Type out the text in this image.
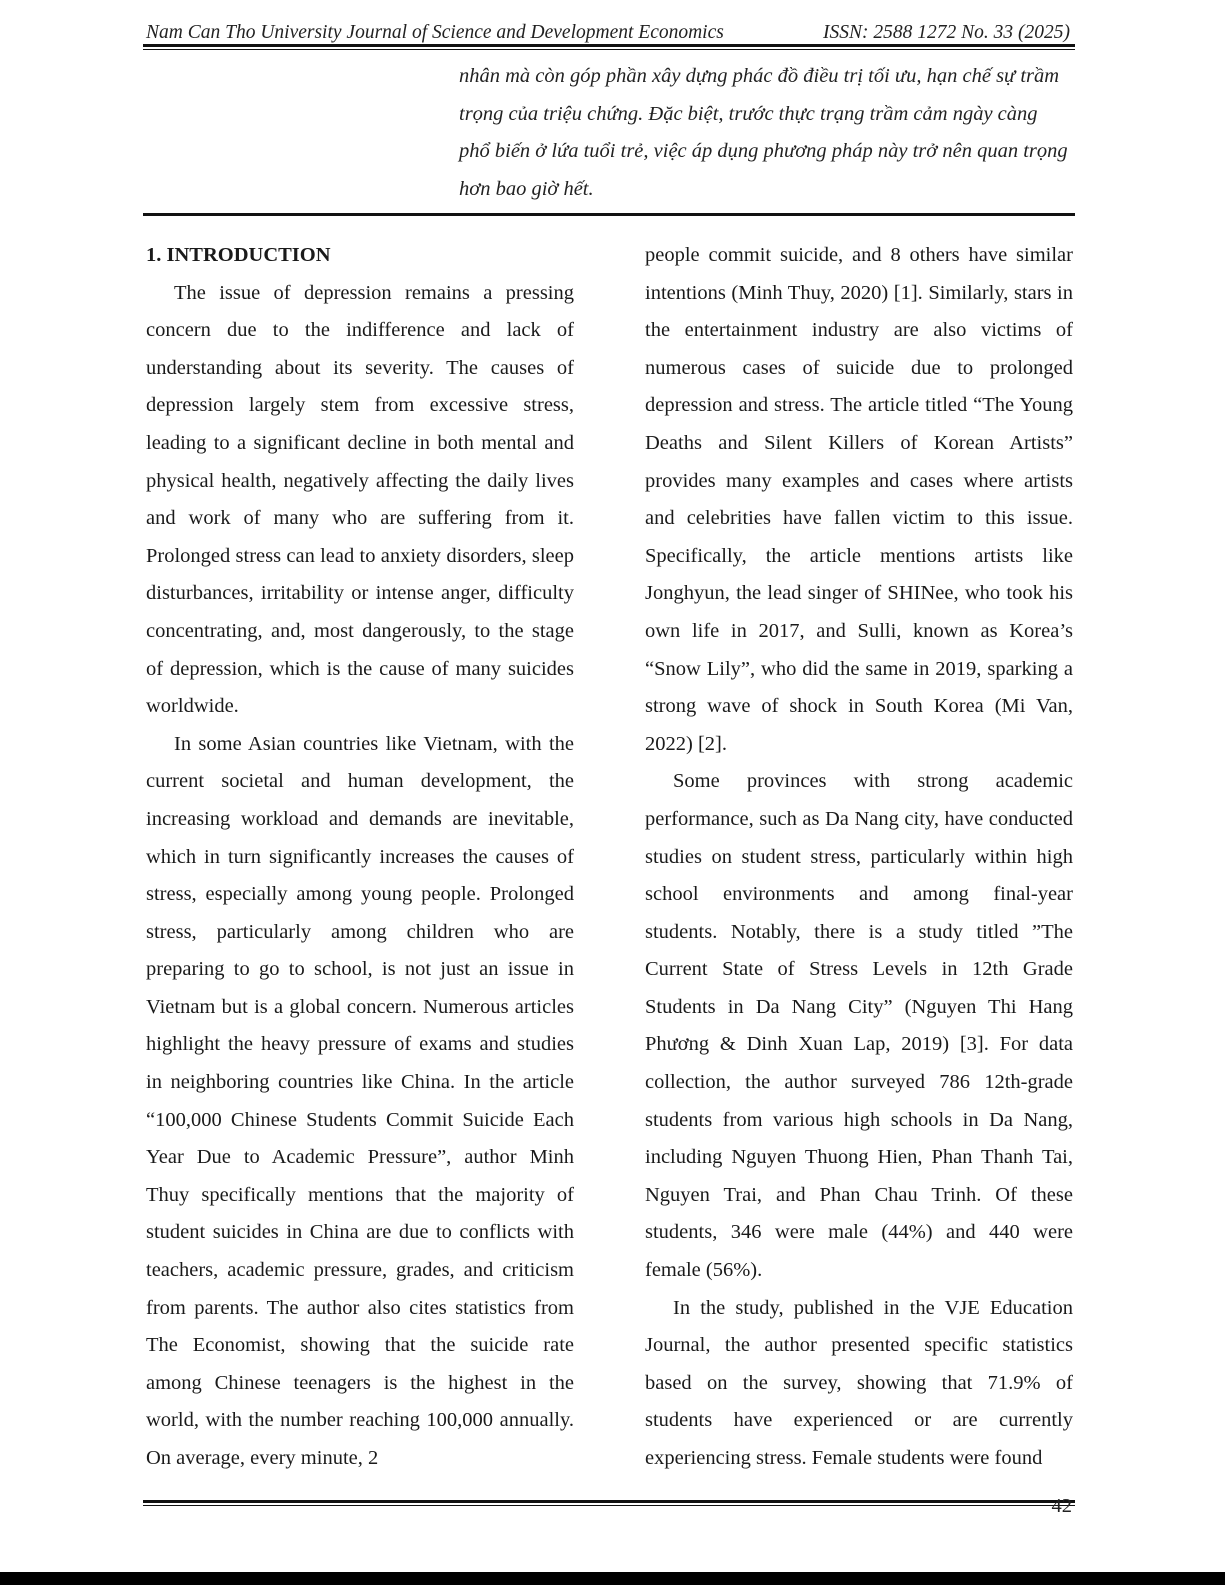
Nam Can Tho University Journal of Science and Development Economics	ISSN: 2588 1272 No. 33 (2025)
nhân mà còn góp phần xây dựng phác đồ điều trị tối ưu, hạn chế sự trầm trọng của triệu chứng. Đặc biệt, trước thực trạng trầm cảm ngày càng phổ biến ở lứa tuổi trẻ, việc áp dụng phương pháp này trở nên quan trọng hơn bao giờ hết.

1. INTRODUCTION

The issue of depression remains a pressing concern due to the indifference and lack of understanding about its severity. The causes of depression largely stem from excessive stress, leading to a significant decline in both mental and physical health, negatively affecting the daily lives and work of many who are suffering from it. Prolonged stress can lead to anxiety disorders, sleep disturbances, irritability or intense anger, difficulty concentrating, and, most dangerously, to the stage of depression, which is the cause of many suicides worldwide.

In some Asian countries like Vietnam, with the current societal and human development, the increasing workload and demands are inevitable, which in turn significantly increases the causes of stress, especially among young people. Prolonged stress, particularly among children who are preparing to go to school, is not just an issue in Vietnam but is a global concern. Numerous articles highlight the heavy pressure of exams and studies in neighboring countries like China. In the article “100,000 Chinese Students Commit Suicide Each Year Due to Academic Pressure”, author Minh Thuy specifically mentions that the majority of student suicides in China are due to conflicts with teachers, academic pressure, grades, and criticism from parents. The author also cites statistics from The Economist, showing that the suicide rate among Chinese teenagers is the highest in the world, with the number reaching 100,000 annually. On average, every minute, 2

people commit suicide, and 8 others have similar intentions (Minh Thuy, 2020) [1]. Similarly, stars in the entertainment industry are also victims of numerous cases of suicide due to prolonged depression and stress. The article titled “The Young Deaths and Silent Killers of Korean Artists” provides many examples and cases where artists and celebrities have fallen victim to this issue. Specifically, the article mentions artists like Jonghyun, the lead singer of SHINee, who took his own life in 2017, and Sulli, known as Korea’s “Snow Lily”, who did the same in 2019, sparking a strong wave of shock in South Korea (Mi Van, 2022) [2].

Some provinces with strong academic performance, such as Da Nang city, have conducted studies on student stress, particularly within high school environments and among final-year students. Notably, there is a study titled ”The Current State of Stress Levels in 12th Grade Students in Da Nang City” (Nguyen Thi Hang Phương & Dinh Xuan Lap, 2019) [3]. For data collection, the author surveyed 786 12th-grade students from various high schools in Da Nang, including Nguyen Thuong Hien, Phan Thanh Tai, Nguyen Trai, and Phan Chau Trinh. Of these students, 346 were male (44%) and 440 were female (56%).

In the study, published in the VJE Education Journal, the author presented specific statistics based on the survey, showing that 71.9% of students have experienced or are currently experiencing stress. Female students were found

42
